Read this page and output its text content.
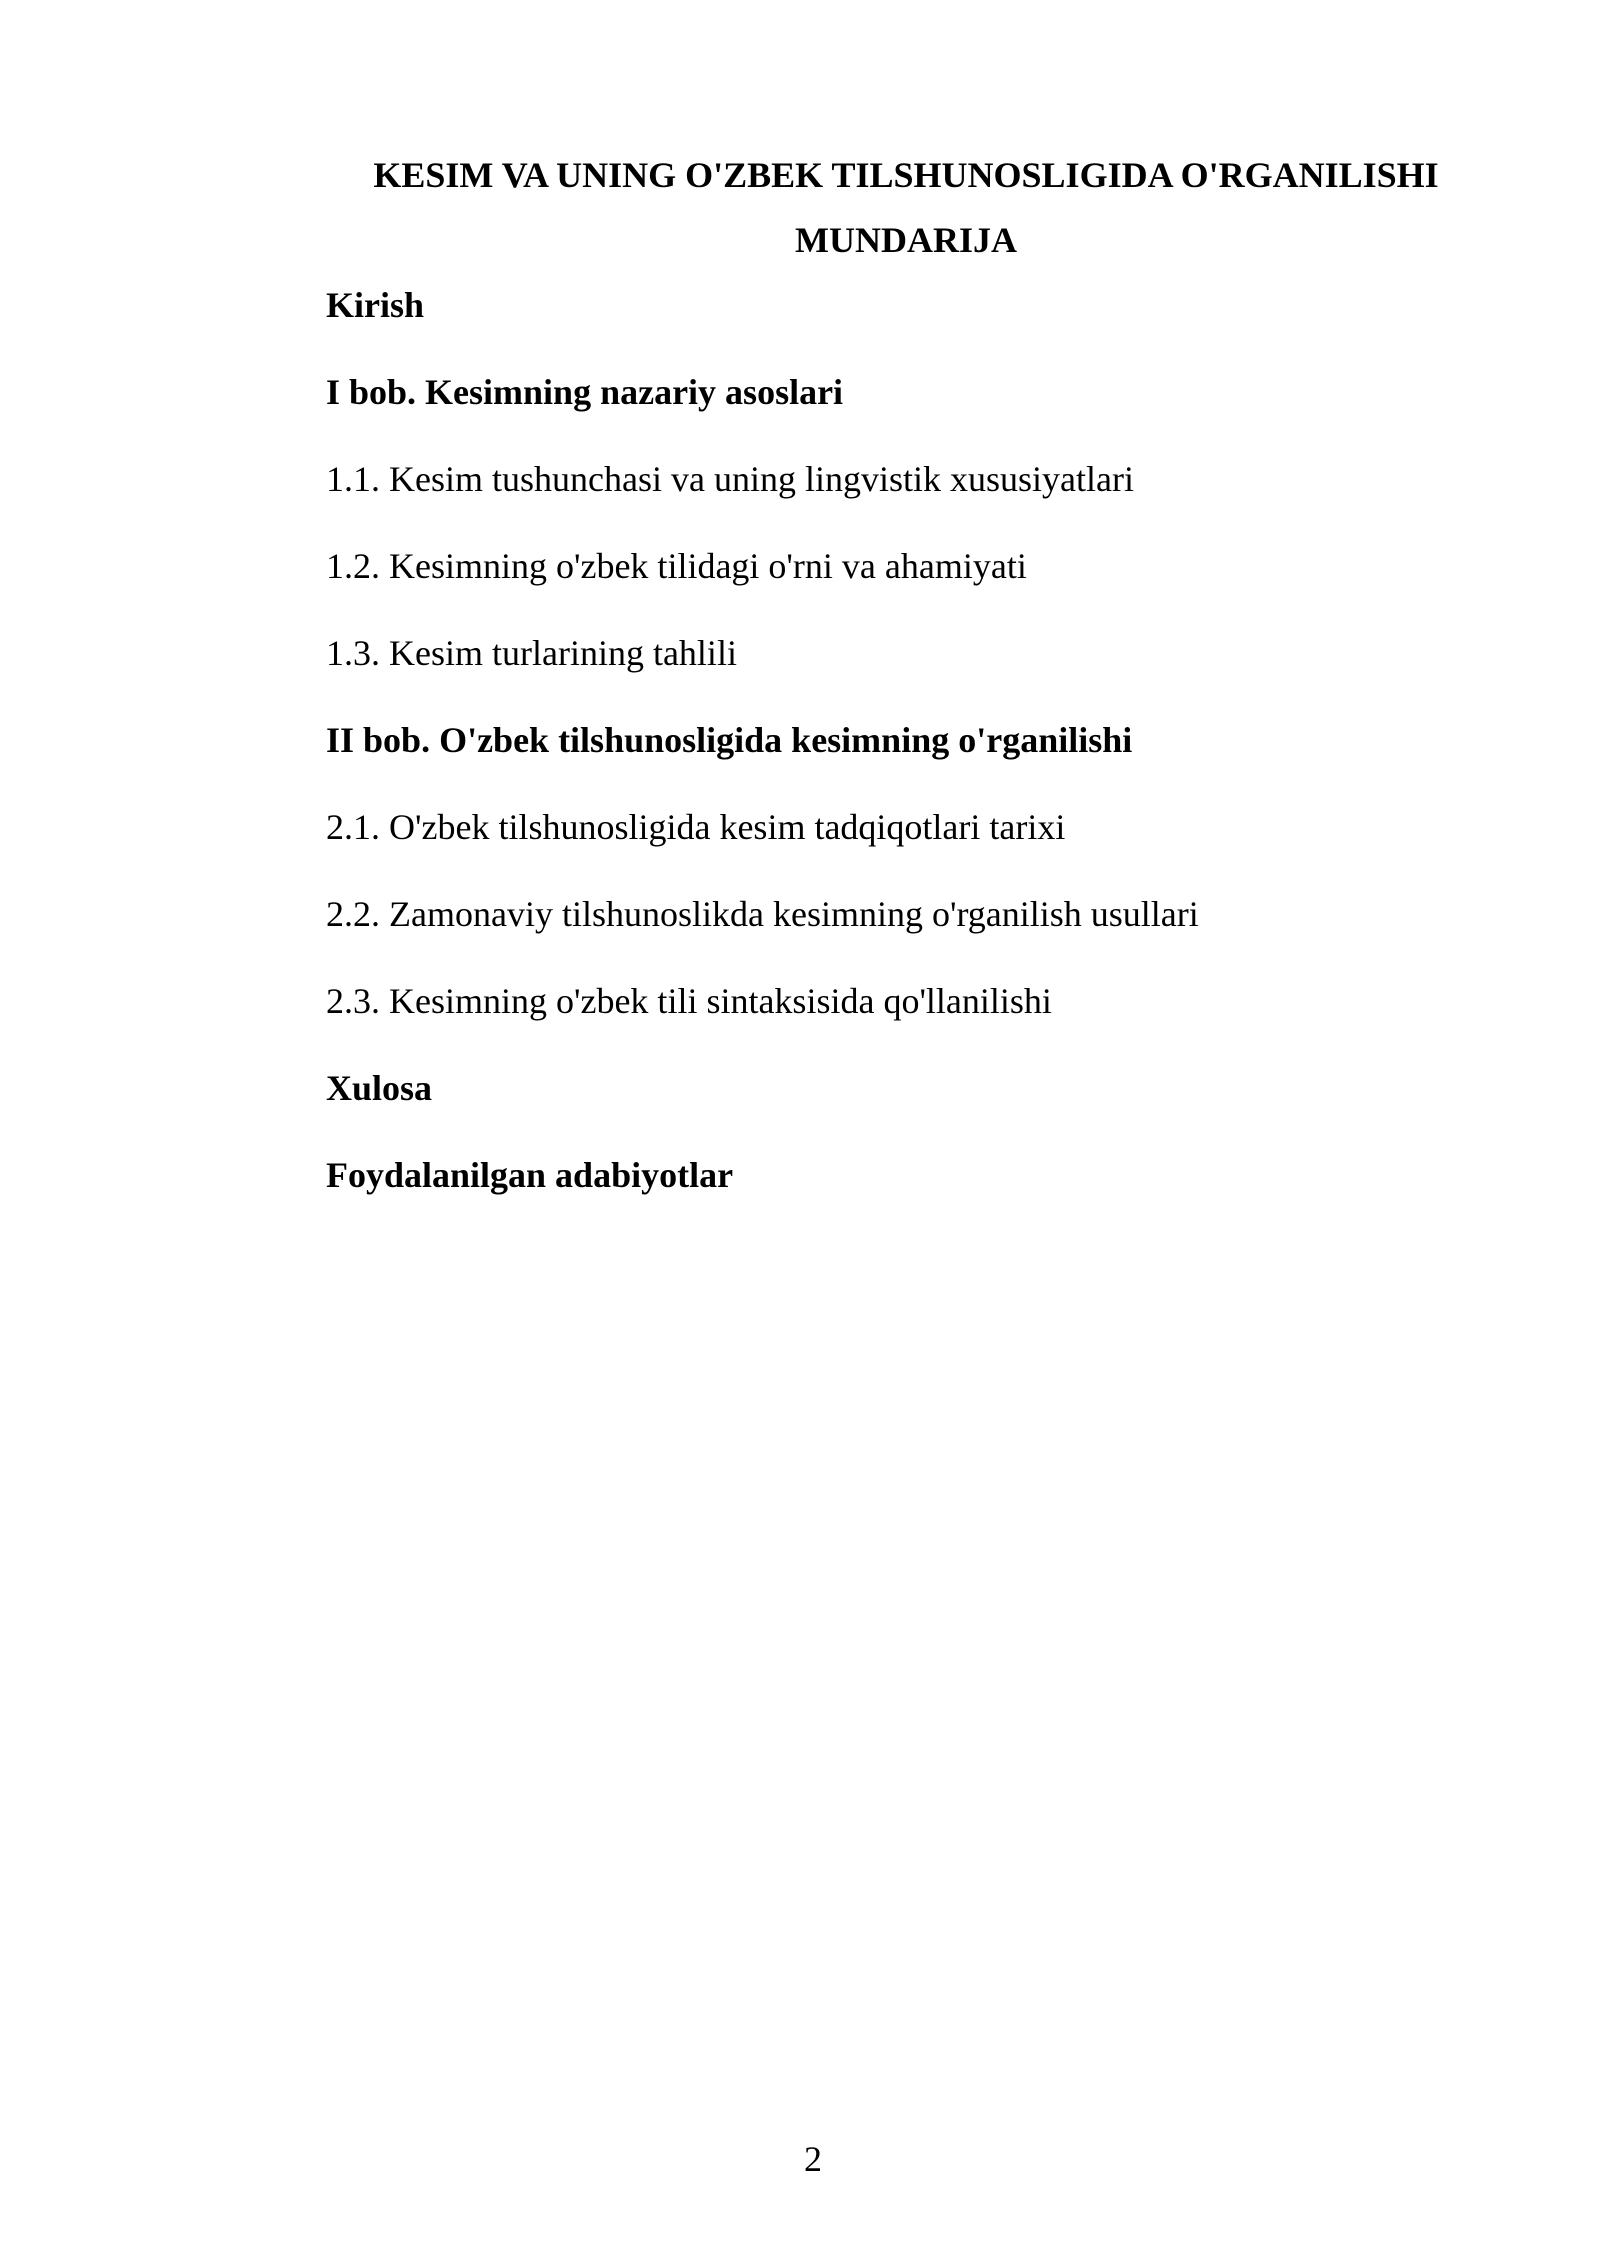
KESIM VA UNING O'ZBEK TILSHUNOSLIGIDA O'RGANILISHI
MUNDARIJA
Kirish
I bob. Kesimning nazariy asoslari
1.1. Kesim tushunchasi va uning lingvistik xususiyatlari
1.2. Kesimning o'zbek tilidagi o'rni va ahamiyati
1.3. Kesim turlarining tahlili
II bob. O'zbek tilshunosligida kesimning o'rganilishi
2.1. O'zbek tilshunosligida kesim tadqiqotlari tarixi
2.2. Zamonaviy tilshunoslikda kesimning o'rganilish usullari
2.3. Kesimning o'zbek tili sintaksisida qo'llanilishi
Xulosa
Foydalanilgan adabiyotlar
2
